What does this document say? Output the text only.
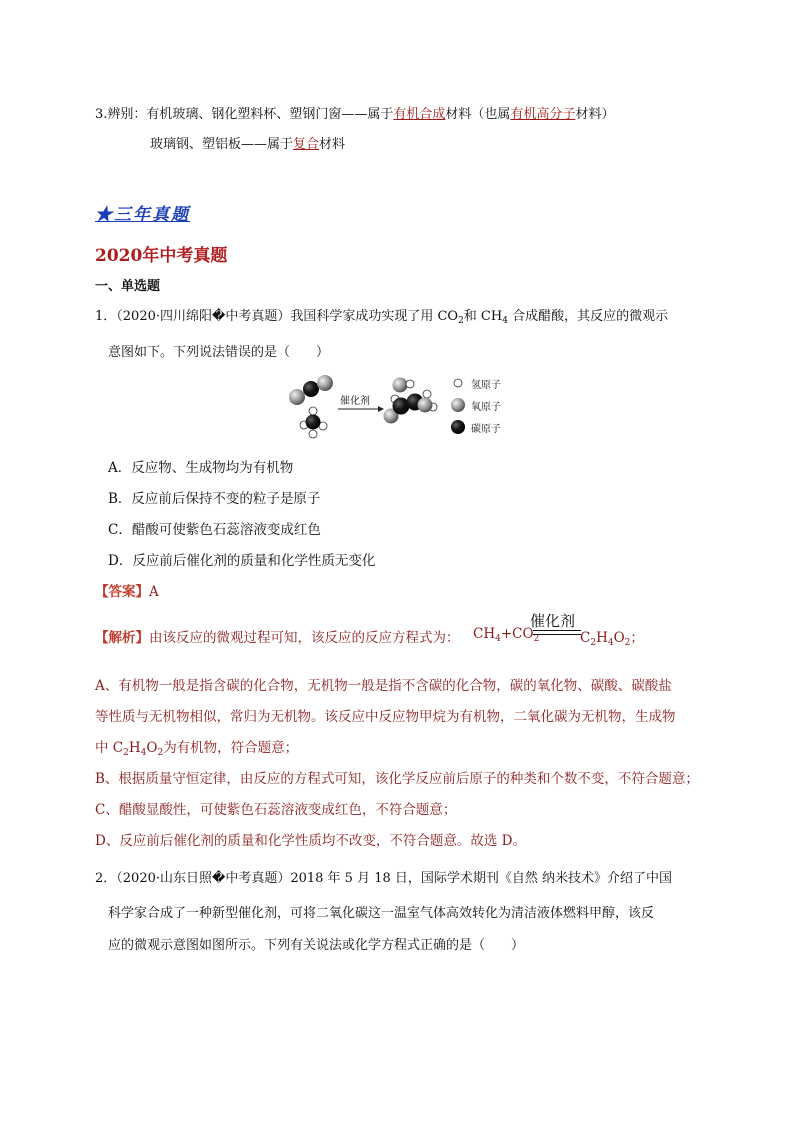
3.辨别：有机玻璃、钢化塑料杯、塑钢门窗——属于有机合成材料（也属有机高分子材料）
玻璃钢、塑铝板——属于复合材料
★三年真题
2020年中考真题
一、单选题
1．（2020·四川绵阳�中考真题）我国科学家成功实现了用 $CO_2$和 $CH_4$ 合成醋酸，其反应的微观示
意图如下。下列说法错误的是（　　）
催化剂
氢原子
氧原子
碳原子
A．反应物、生成物均为有机物
B．反应前后保持不变的粒子是原子
C．醋酸可使紫色石蕊溶液变成红色
D．反应前后催化剂的质量和化学性质无变化
【答案】A
【解析】由该反应的微观过程可知，该反应的反应方程式为： $CH_4+CO_2$
催化剂
$C_2H_4O_2$；
A、有机物一般是指含碳的化合物，无机物一般是指不含碳的化合物，碳的氧化物、碳酸、碳酸盐
等性质与无机物相似，常归为无机物。该反应中反应物甲烷为有机物，二氧化碳为无机物，生成物
中 $C_2H_4O_2$为有机物，符合题意；
B、根据质量守恒定律，由反应的方程式可知，该化学反应前后原子的种类和个数不变，不符合题意；
C、醋酸显酸性，可使紫色石蕊溶液变成红色，不符合题意；
D、反应前后催化剂的质量和化学性质均不改变，不符合题意。故选 D。
2．（2020·山东日照�中考真题）2018 年 5 月 18 日，国际学术期刊《自然 纳米技术》介绍了中国
科学家合成了一种新型催化剂，可将二氧化碳这一温室气体高效转化为清洁液体燃料甲醇，该反
应的微观示意图如图所示。下列有关说法或化学方程式正确的是（　　）
